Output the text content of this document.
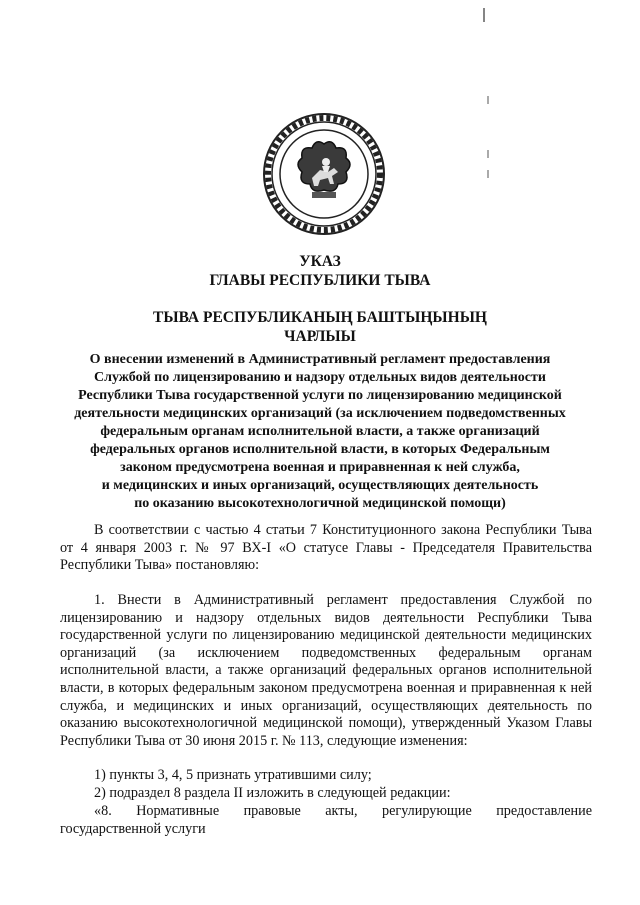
УКАЗ
ГЛАВЫ РЕСПУБЛИКИ ТЫВА
ТЫВА РЕСПУБЛИКАНЫҢ БАШТЫҢЫНЫҢ
ЧАРЛЫЫ
О внесении изменений в Административный регламент предоставления
Службой по лицензированию и надзору отдельных видов деятельности
Республики Тыва государственной услуги по лицензированию медицинской
деятельности медицинских организаций (за исключением подведомственных
федеральным органам исполнительной власти, а также организаций
федеральных органов исполнительной власти, в которых Федеральным
законом предусмотрена военная и приравненная к ней служба,
и медицинских и иных организаций, осуществляющих деятельность
по оказанию высокотехнологичной медицинской помощи)
В соответствии с частью 4 статьи 7 Конституционного закона Республики Тыва от 4 января 2003 г. № 97 ВХ-I «О статусе Главы - Председателя Правительства Республики Тыва» постановляю:
1. Внести в Административный регламент предоставления Службой по лицензированию и надзору отдельных видов деятельности Республики Тыва государственной услуги по лицензированию медицинской деятельности медицинских организаций (за исключением подведомственных федеральным органам исполнительной власти, а также организаций федеральных органов исполнительной власти, в которых федеральным законом предусмотрена военная и приравненная к ней служба, и медицинских и иных организаций, осуществляющих деятельность по оказанию высокотехнологичной медицинской помощи), утвержденный Указом Главы Республики Тыва от 30 июня 2015 г. № 113, следующие изменения:
1) пункты 3, 4, 5 признать утратившими силу;
2) подраздел 8 раздела II изложить в следующей редакции:
«8. Нормативные правовые акты, регулирующие предоставление государственной услуги
